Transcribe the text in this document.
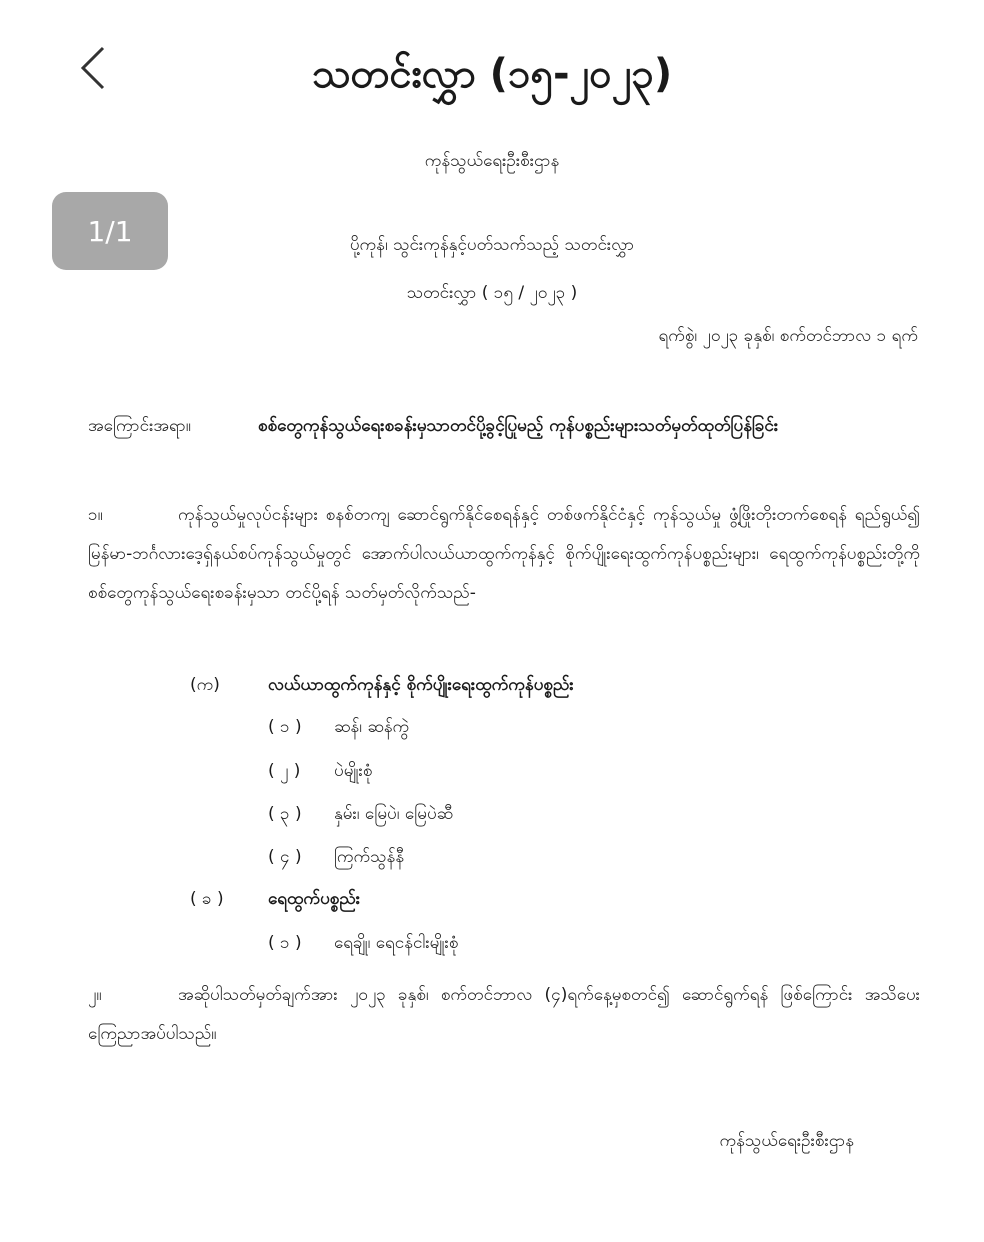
သတင်းလွှာ (၁၅-၂၀၂၃)
ကုန်သွယ်ရေးဦးစီးဌာန
ပို့ကုန်၊ သွင်းကုန်နှင့်ပတ်သက်သည့် သတင်းလွှာ
သတင်းလွှာ ( ၁၅ / ၂၀၂၃ )
ရက်စွဲ၊ ၂၀၂၃ ခုနှစ်၊ စက်တင်ဘာလ ၁ ရက်
အကြောင်းအရာ။	စစ်တွေကုန်သွယ်ရေးစခန်းမှသာတင်ပို့ခွင့်ပြုမည့် ကုန်ပစ္စည်းများသတ်မှတ်ထုတ်ပြန်ခြင်း
၁။	ကုန်သွယ်မှုလုပ်ငန်းများ စနစ်တကျ ဆောင်ရွက်နိုင်စေရန်နှင့် တစ်ဖက်နိုင်ငံနှင့် ကုန်သွယ်မှု ဖွံ့ဖြိုးတိုးတက်စေရန် ရည်ရွယ်၍ မြန်မာ-ဘင်္ဂလားဒေ့ရှ်နယ်စပ်ကုန်သွယ်မှုတွင် အောက်ပါလယ်ယာထွက်ကုန်နှင့် စိုက်ပျိုးရေးထွက်ကုန်ပစ္စည်းများ၊ ရေထွက်ကုန်ပစ္စည်းတို့ကို စစ်တွေကုန်သွယ်ရေးစခန်းမှသာ တင်ပို့ရန် သတ်မှတ်လိုက်သည်-
(က)	လယ်ယာထွက်ကုန်နှင့် စိုက်ပျိုးရေးထွက်ကုန်ပစ္စည်း
( ၁ ) ဆန်၊ ဆန်ကွဲ
( ၂ ) ပဲမျိုးစုံ
( ၃ ) နှမ်း၊ မြေပဲ၊ မြေပဲဆီ
( ၄ ) ကြက်သွန်နီ
( ခ )	ရေထွက်ပစ္စည်း
( ၁ ) ရေချို၊ ရေငန်ငါးမျိုးစုံ
၂။	အဆိုပါသတ်မှတ်ချက်အား ၂၀၂၃ ခုနှစ်၊ စက်တင်ဘာလ (၄)ရက်နေ့မှစတင်၍ ဆောင်ရွက်ရန် ဖြစ်ကြောင်း အသိပေးကြေညာအပ်ပါသည်။
ကုန်သွယ်ရေးဦးစီးဌာန
1/1
